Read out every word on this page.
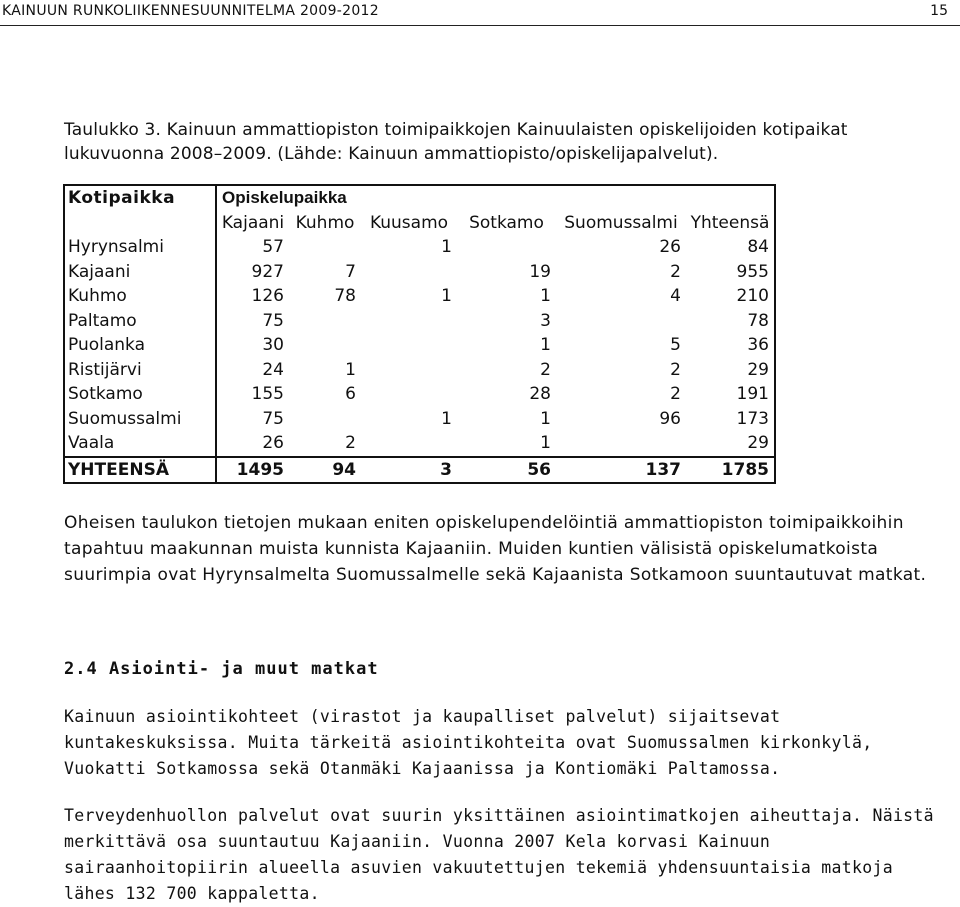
KAINUUN RUNKOLIIKENNESUUNNITELMA 2009-2012	15
Taulukko 3. Kainuun ammattiopiston toimipaikkojen Kainuulaisten opiskelijoiden kotipaikat lukuvuonna 2008–2009. (Lähde: Kainuun ammattiopisto/opiskelijapalvelut).
Kotipaikka	Opiskelupaikka					
	Kajaani	Kuhmo	Kuusamo	Sotkamo	Suomussalmi	Yhteensä
Hyrynsalmi	57		1		26	84
Kajaani	927	7		19	2	955
Kuhmo	126	78	1	1	4	210
Paltamo	75			3		78
Puolanka	30			1	5	36
Ristijärvi	24	1		2	2	29
Sotkamo	155	6		28	2	191
Suomussalmi	75		1	1	96	173
Vaala	26	2		1		29
YHTEENSÄ	1495	94	3	56	137	1785
Oheisen taulukon tietojen mukaan eniten opiskelupendelöintiä ammattiopiston toimipaikkoihin tapahtuu maakunnan muista kunnista Kajaaniin. Muiden kuntien välisistä opiskelumatkoista suurimpia ovat Hyrynsalmelta Suomussalmelle sekä Kajaanista Sotkamoon suuntautuvat matkat.
2.4 Asiointi- ja muut matkat
Kainuun asiointikohteet (virastot ja kaupalliset palvelut) sijaitsevat kuntakeskuksissa. Muita tärkeitä asiointikohteita ovat Suomussalmen kirkonkylä, Vuokatti Sotkamossa sekä Otanmäki Kajaanissa ja Kontiomäki Paltamossa.
Terveydenhuollon palvelut ovat suurin yksittäinen asiointimatkojen aiheuttaja. Näistä merkittävä osa suuntautuu Kajaaniin. Vuonna 2007 Kela korvasi Kainuun sairaanhoitopiirin alueella asuvien vakuutettujen tekemiä yhdensuuntaisia matkoja lähes 132 700 kappaletta.
